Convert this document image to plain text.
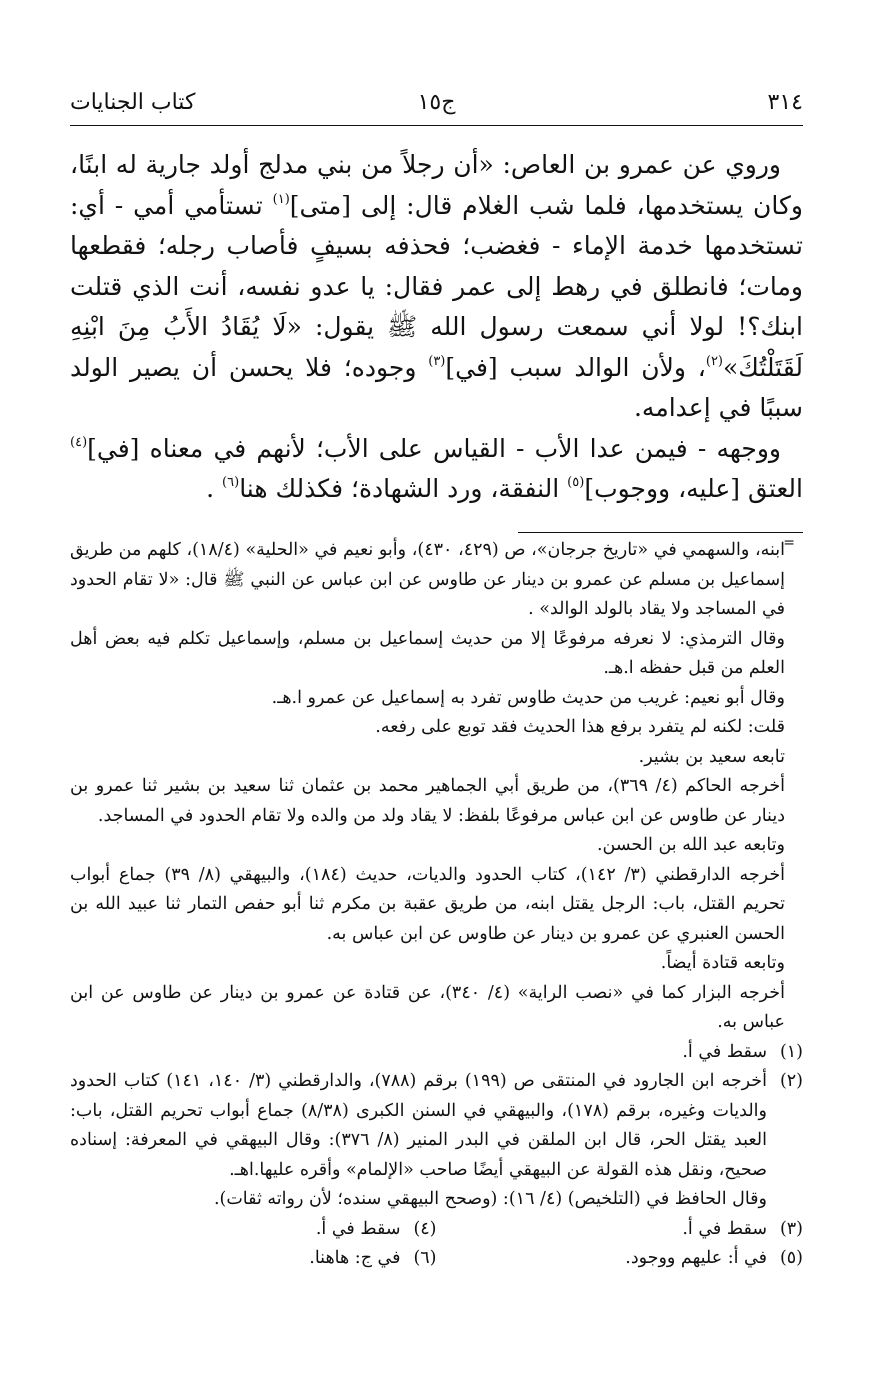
٣١٤
ج١٥
كتاب الجنايات

وروي عن عمرو بن العاص: «أن رجلاً من بني مدلج أولد جارية له ابنًا، وكان يستخدمها، فلما شب الغلام قال: إلى [متى]$^{(١)}$ تستأمي أمي - أي: تستخدمها خدمة الإماء - فغضب؛ فحذفه بسيفٍ فأصاب رجله؛ فقطعها ومات؛ فانطلق في رهط إلى عمر فقال: يا عدو نفسه، أنت الذي قتلت ابنك؟! لولا أني سمعت رسول الله ﷺ يقول: «لَا يُقَادُ الأَبُ مِنَ ابْنِهِ لَقَتَلْتُكَ»$^{(٢)}$، ولأن الوالد سبب [في]$^{(٣)}$ وجوده؛ فلا يحسن أن يصير الولد سببًا في إعدامه.

ووجهه - فيمن عدا الأب - القياس على الأب؛ لأنهم في معناه [في]$^{(٤)}$ العتق [عليه، ووجوب]$^{(٥)}$ النفقة، ورد الشهادة؛ فكذلك هنا$^{(٦)}$ .

=

ابنه، والسهمي في «تاريخ جرجان»، ص (٤٢٩، ٤٣٠)، وأبو نعيم في «الحلية» (١٨/٤)، كلهم من طريق إسماعيل بن مسلم عن عمرو بن دينار عن طاوس عن ابن عباس عن النبي ﷺ قال: «لا تقام الحدود في المساجد ولا يقاد بالولد الوالد» .

وقال الترمذي: لا نعرفه مرفوعًا إلا من حديث إسماعيل بن مسلم، وإسماعيل تكلم فيه بعض أهل العلم من قبل حفظه ا.هـ.

وقال أبو نعيم: غريب من حديث طاوس تفرد به إسماعيل عن عمرو ا.هـ.

قلت: لكنه لم يتفرد برفع هذا الحديث فقد توبع على رفعه.

تابعه سعيد بن بشير.

أخرجه الحاكم (٤/ ٣٦٩)، من طريق أبي الجماهير محمد بن عثمان ثنا سعيد بن بشير ثنا عمرو بن دينار عن طاوس عن ابن عباس مرفوعًا بلفظ: لا يقاد ولد من والده ولا تقام الحدود في المساجد.

وتابعه عبد الله بن الحسن.

أخرجه الدارقطني (٣/ ١٤٢)، كتاب الحدود والديات، حديث (١٨٤)، والبيهقي (٨/ ٣٩) جماع أبواب تحريم القتل، باب: الرجل يقتل ابنه، من طريق عقبة بن مكرم ثنا أبو حفص التمار ثنا عبيد الله بن الحسن العنبري عن عمرو بن دينار عن طاوس عن ابن عباس به.

وتابعه قتادة أيضاً.

أخرجه البزار كما في «نصب الراية» (٤/ ٣٤٠)، عن قتادة عن عمرو بن دينار عن طاوس عن ابن عباس به.

(١)
سقط في أ.
(٢)

أخرجه ابن الجارود في المنتقى ص (١٩٩) برقم (٧٨٨)، والدارقطني (٣/ ١٤٠، ١٤١) كتاب الحدود والديات وغيره، برقم (١٧٨)، والبيهقي في السنن الكبرى (٨/٣٨) جماع أبواب تحريم القتل، باب: العبد يقتل الحر، قال ابن الملقن في البدر المنير (٨/ ٣٧٦): وقال البيهقي في المعرفة: إسناده صحيح، ونقل هذه القولة عن البيهقي أيضًا صاحب «الإلمام» وأقره عليها.اهـ.

وقال الحافظ في (التلخيص) (٤/ ١٦): (وصحح البيهقي سنده؛ لأن رواته ثقات).

(٣)
سقط في أ.
(٤)
سقط في أ.
(٥)
في أ: عليهم ووجود.
(٦)
في ج: هاهنا.
